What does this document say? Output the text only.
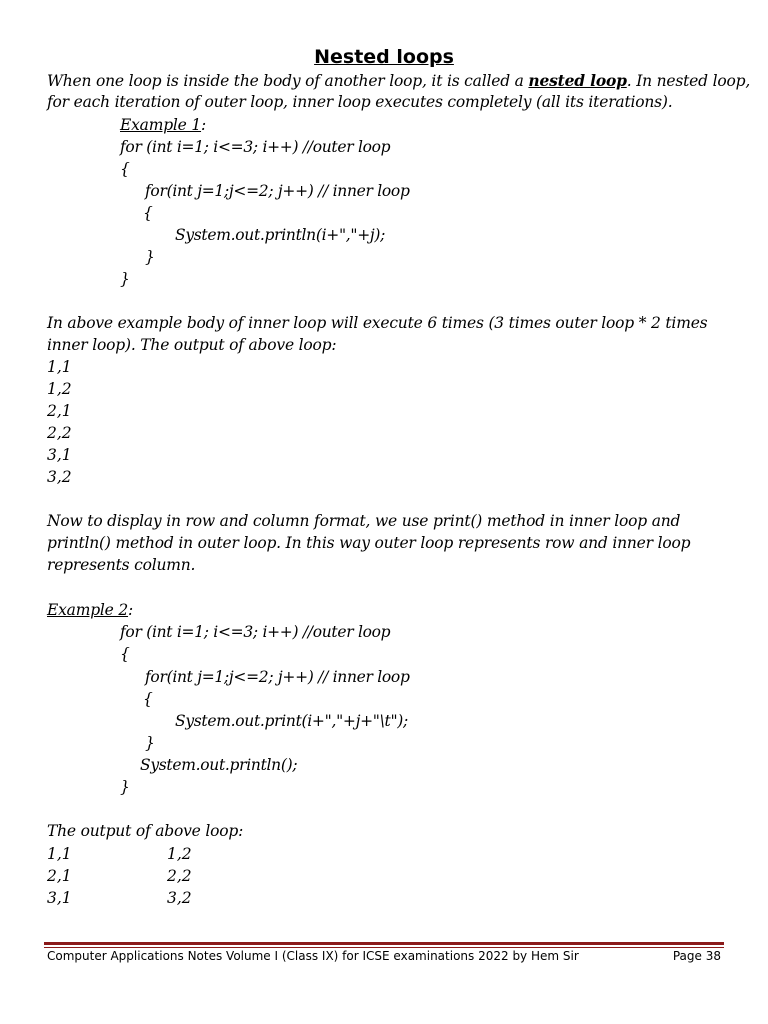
Nested loops
When one loop is inside the body of another loop, it is called a nested loop. In nested loop,
for each iteration of outer loop, inner loop executes completely (all its iterations).
Example 1:
for (int i=1; i<=3; i++) //outer loop
{
for(int j=1;j<=2; j++) // inner loop
{
System.out.println(i+","+j);
}
}
In above example body of inner loop will execute 6 times (3 times outer loop * 2 times
inner loop). The output of above loop:
1,1
1,2
2,1
2,2
3,1
3,2
Now to display in row and column format, we use print() method in inner loop and
println() method in outer loop. In this way outer loop represents row and inner loop
represents column.
Example 2:
for (int i=1; i<=3; i++) //outer loop
{
for(int j=1;j<=2; j++) // inner loop
{
System.out.print(i+","+j+"\t");
}
System.out.println();
}
The output of above loop:
1,1	1,2
2,1	2,2
3,1	3,2
Computer Applications Notes Volume I (Class IX) for ICSE examinations 2022 by Hem Sir	Page 38
